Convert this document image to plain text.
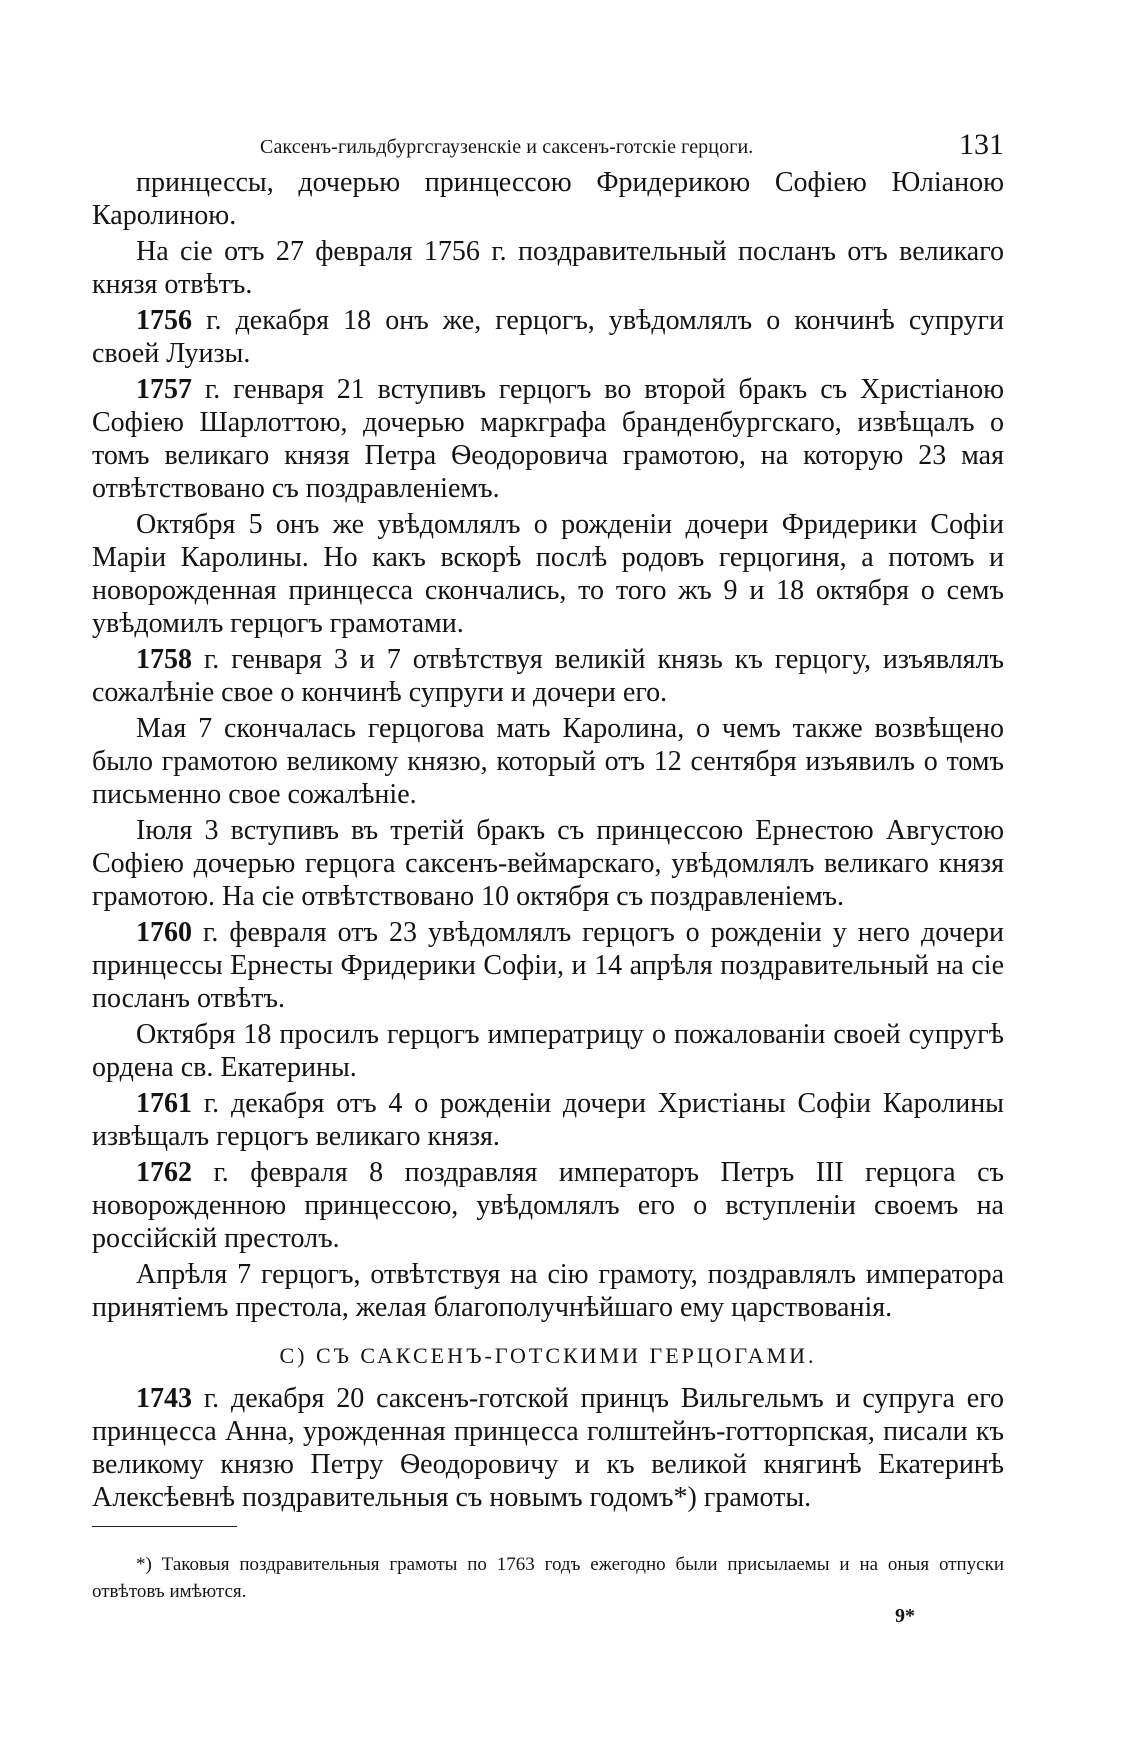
Саксенъ-гильдбургсгаузенскіе и саксенъ-готскіе герцоги.	131

принцессы, дочерью принцессою Фридерикою Софіею Юліаною Каролиною.

На сіе отъ 27 февраля 1756 г. поздравительный посланъ отъ великаго князя отвѣтъ.

1756 г. декабря 18 онъ же, герцогъ, увѣдомлялъ о кончинѣ супруги своей Луизы.

1757 г. генваря 21 вступивъ герцогъ во второй бракъ съ Христіаною Софіею Шарлоттою, дочерью маркграфа бранденбургскаго, извѣщалъ о томъ великаго князя Петра Ѳеодоровича грамотою, на которую 23 мая отвѣтствовано съ поздравленіемъ.

Октября 5 онъ же увѣдомлялъ о рожденіи дочери Фридерики Софіи Маріи Каролины. Но какъ вскорѣ послѣ родовъ герцогиня, а потомъ и новорожденная принцесса скончались, то того жъ 9 и 18 октября о семъ увѣдомилъ герцогъ грамотами.

1758 г. генваря 3 и 7 отвѣтствуя великій князь къ герцогу, изъявлялъ сожалѣніе свое о кончинѣ супруги и дочери его.

Мая 7 скончалась герцогова мать Каролина, о чемъ также возвѣщено было грамотою великому князю, который отъ 12 сентября изъявилъ о томъ письменно свое сожалѣніе.

Іюля 3 вступивъ въ третій бракъ съ принцессою Ернестою Августою Софіею дочерью герцога саксенъ-веймарскаго, увѣдомлялъ великаго князя грамотою. На сіе отвѣтствовано 10 октября съ поздравленіемъ.

1760 г. февраля отъ 23 увѣдомлялъ герцогъ о рожденіи у него дочери принцессы Ернесты Фридерики Софіи, и 14 апрѣля поздравительный на сіе посланъ отвѣтъ.

Октября 18 просилъ герцогъ императрицу о пожалованіи своей супругѣ ордена св. Екатерины.

1761 г. декабря отъ 4 о рожденіи дочери Христіаны Софіи Каролины извѣщалъ герцогъ великаго князя.

1762 г. февраля 8 поздравляя императоръ Петръ III герцога съ новорожденною принцессою, увѣдомлялъ его о вступленіи своемъ на россійскій престолъ.

Апрѣля 7 герцогъ, отвѣтствуя на сію грамоту, поздравлялъ императора принятіемъ престола, желая благополучнѣйшаго ему царствованія.

С) СЪ САКСЕНЪ-ГОТСКИМИ ГЕРЦОГАМИ.

1743 г. декабря 20 саксенъ-готской принцъ Вильгельмъ и супруга его принцесса Анна, урожденная принцесса голштейнъ-готторпская, писали къ великому князю Петру Ѳеодоровичу и къ великой княгинѣ Екатеринѣ Алексѣевнѣ поздравительныя съ новымъ годомъ*) грамоты.

*) Таковыя поздравительныя грамоты по 1763 годъ ежегодно были присылаемы и на оныя отпуски отвѣтовъ имѣются.
9*
